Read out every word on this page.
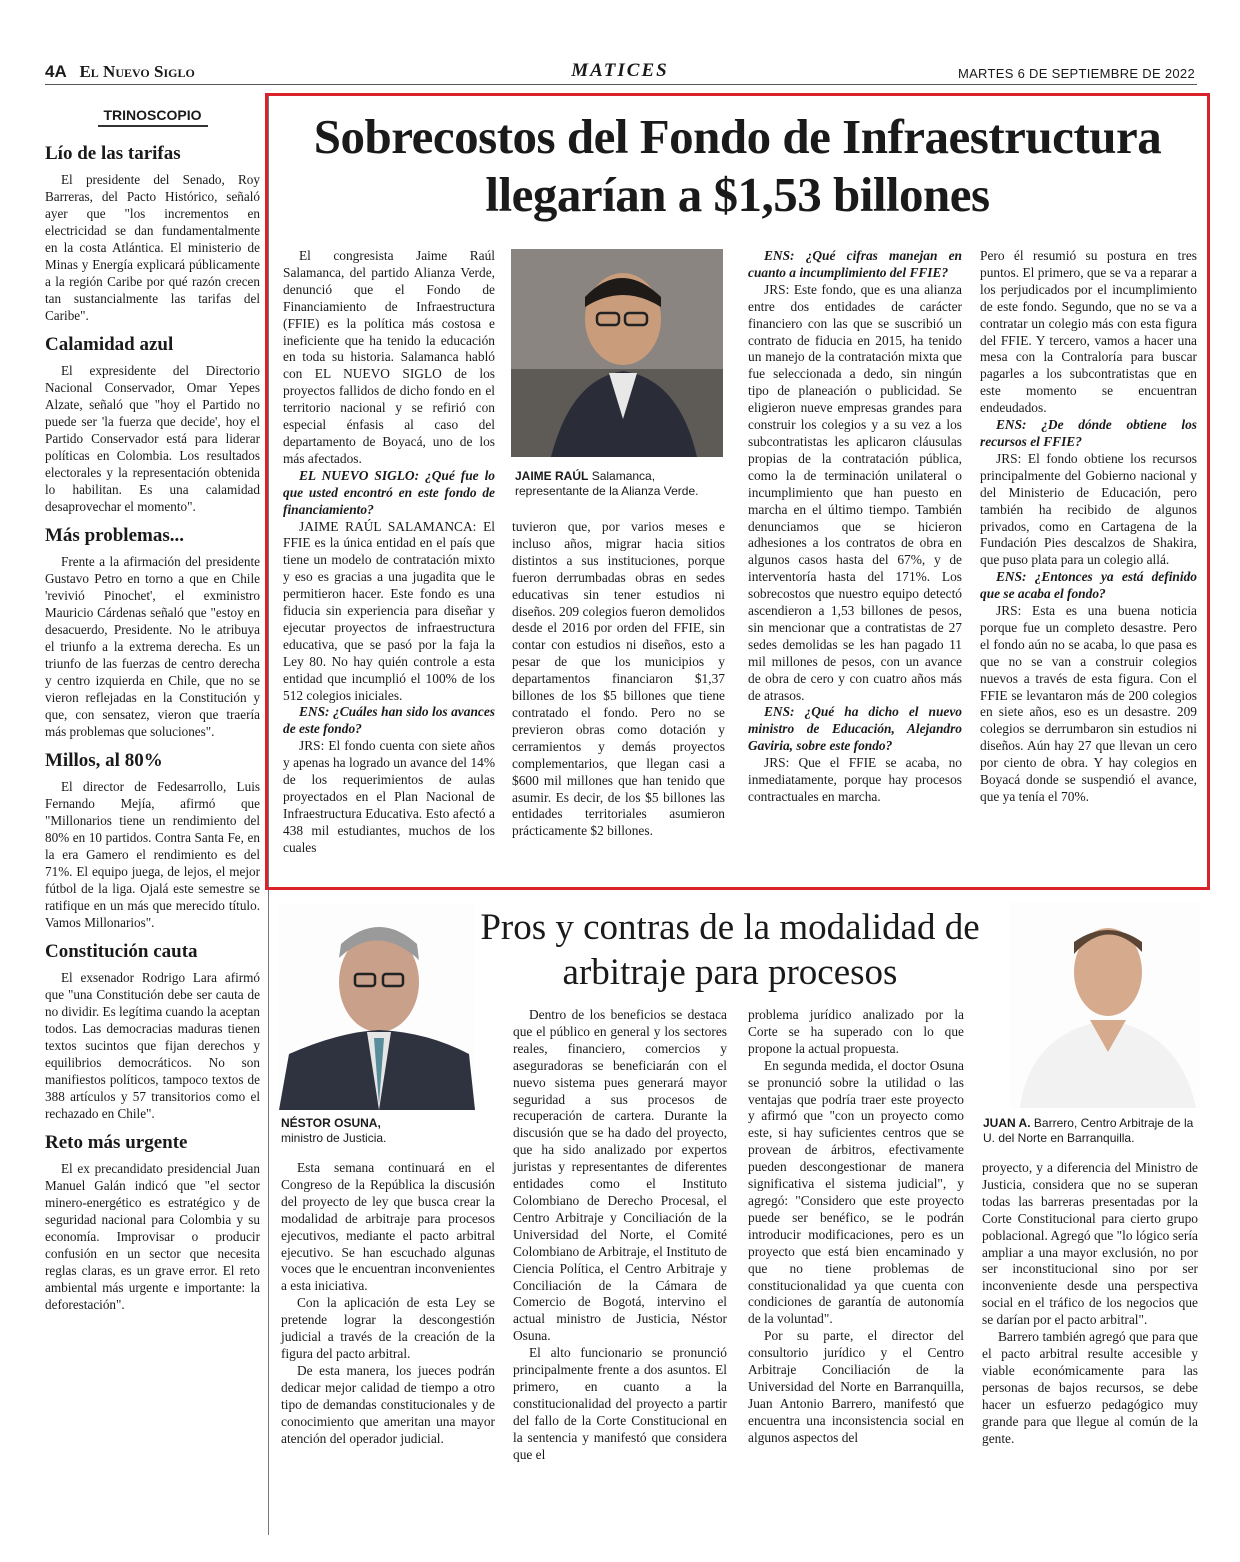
4A El Nuevo Siglo	MATICES	MARTES 6 DE SEPTIEMBRE DE 2022
TRINOSCOPIO
Lío de las tarifas

El presidente del Senado, Roy Barreras, del Pacto Histórico, señaló ayer que "los incrementos en electricidad se dan fundamentalmente en la costa Atlántica. El ministerio de Minas y Energía explicará públicamente a la región Caribe por qué razón crecen tan sustancialmente las tarifas del Caribe".

Calamidad azul

El expresidente del Directorio Nacional Conservador, Omar Yepes Alzate, señaló que "hoy el Partido no puede ser 'la fuerza que decide', hoy el Partido Conservador está para liderar políticas en Colombia. Los resultados electorales y la representación obtenida lo habilitan. Es una calamidad desaprovechar el momento".

Más problemas...

Frente a la afirmación del presidente Gustavo Petro en torno a que en Chile 'revivió Pinochet', el exministro Mauricio Cárdenas señaló que "estoy en desacuerdo, Presidente. No le atribuya el triunfo a la extrema derecha. Es un triunfo de las fuerzas de centro derecha y centro izquierda en Chile, que no se vieron reflejadas en la Constitución y que, con sensatez, vieron que traería más problemas que soluciones".

Millos, al 80%

El director de Fedesarrollo, Luis Fernando Mejía, afirmó que "Millonarios tiene un rendimiento del 80% en 10 partidos. Contra Santa Fe, en la era Gamero el rendimiento es del 71%. El equipo juega, de lejos, el mejor fútbol de la liga. Ojalá este semestre se ratifique en un más que merecido título. Vamos Millonarios".

Constitución cauta

El exsenador Rodrigo Lara afirmó que "una Constitución debe ser cauta de no dividir. Es legítima cuando la aceptan todos. Las democracias maduras tienen textos sucintos que fijan derechos y equilibrios democráticos. No son manifiestos políticos, tampoco textos de 388 artículos y 57 transitorios como el rechazado en Chile".

Reto más urgente

El ex precandidato presidencial Juan Manuel Galán indicó que "el sector minero-energético es estratégico y de seguridad nacional para Colombia y su economía. Improvisar o producir confusión en un sector que necesita reglas claras, es un grave error. El reto ambiental más urgente e importante: la deforestación".

Sobrecostos del Fondo de Infraestructura llegarían a $1,53 billones

El congresista Jaime Raúl Salamanca, del partido Alianza Verde, denunció que el Fondo de Financiamiento de Infraestructura (FFIE) es la política más costosa e ineficiente que ha tenido la educación en toda su historia. Salamanca habló con EL NUEVO SIGLO de los proyectos fallidos de dicho fondo en el territorio nacional y se refirió con especial énfasis al caso del departamento de Boyacá, uno de los más afectados.

EL NUEVO SIGLO: ¿Qué fue lo que usted encontró en este fondo de financiamiento?

JAIME RAÚL SALAMANCA: El FFIE es la única entidad en el país que tiene un modelo de contratación mixto y eso es gracias a una jugadita que le permitieron hacer. Este fondo es una fiducia sin experiencia para diseñar y ejecutar proyectos de infraestructura educativa, que se pasó por la faja la Ley 80. No hay quién controle a esta entidad que incumplió el 100% de los 512 colegios iniciales.

ENS: ¿Cuáles han sido los avances de este fondo?

JRS: El fondo cuenta con siete años y apenas ha logrado un avance del 14% de los requerimientos de aulas proyectados en el Plan Nacional de Infraestructura Educativa. Esto afectó a 438 mil estudiantes, muchos de los cuales

JAIME RAÚL Salamanca, representante de la Alianza Verde.

tuvieron que, por varios meses e incluso años, migrar hacia sitios distintos a sus instituciones, porque fueron derrumbadas obras en sedes educativas sin tener estudios ni diseños. 209 colegios fueron demolidos desde el 2016 por orden del FFIE, sin contar con estudios ni diseños, esto a pesar de que los municipios y departamentos financiaron $1,37 billones de los $5 billones que tiene contratado el fondo. Pero no se previeron obras como dotación y cerramientos y demás proyectos complementarios, que llegan casi a $600 mil millones que han tenido que asumir. Es decir, de los $5 billones las entidades territoriales asumieron prácticamente $2 billones.

ENS: ¿Qué cifras manejan en cuanto a incumplimiento del FFIE?

JRS: Este fondo, que es una alianza entre dos entidades de carácter financiero con las que se suscribió un contrato de fiducia en 2015, ha tenido un manejo de la contratación mixta que fue seleccionada a dedo, sin ningún tipo de planeación o publicidad. Se eligieron nueve empresas grandes para construir los colegios y a su vez a los subcontratistas les aplicaron cláusulas propias de la contratación pública, como la de terminación unilateral o incumplimiento que han puesto en marcha en el último tiempo. También denunciamos que se hicieron adhesiones a los contratos de obra en algunos casos hasta del 67%, y de interventoría hasta del 171%. Los sobrecostos que nuestro equipo detectó ascendieron a 1,53 billones de pesos, sin mencionar que a contratistas de 27 sedes demolidas se les han pagado 11 mil millones de pesos, con un avance de obra de cero y con cuatro años más de atrasos.

ENS: ¿Qué ha dicho el nuevo ministro de Educación, Alejandro Gaviria, sobre este fondo?

JRS: Que el FFIE se acaba, no inmediatamente, porque hay procesos contractuales en marcha.

Pero él resumió su postura en tres puntos. El primero, que se va a reparar a los perjudicados por el incumplimiento de este fondo. Segundo, que no se va a contratar un colegio más con esta figura del FFIE. Y tercero, vamos a hacer una mesa con la Contraloría para buscar pagarles a los subcontratistas que en este momento se encuentran endeudados.

ENS: ¿De dónde obtiene los recursos el FFIE?

JRS: El fondo obtiene los recursos principalmente del Gobierno nacional y del Ministerio de Educación, pero también ha recibido de algunos privados, como en Cartagena de la Fundación Pies descalzos de Shakira, que puso plata para un colegio allá.

ENS: ¿Entonces ya está definido que se acaba el fondo?

JRS: Esta es una buena noticia porque fue un completo desastre. Pero el fondo aún no se acaba, lo que pasa es que no se van a construir colegios nuevos a través de esta figura. Con el FFIE se levantaron más de 200 colegios en siete años, eso es un desastre. 209 colegios se derrumbaron sin estudios ni diseños. Aún hay 27 que llevan un cero por ciento de obra. Y hay colegios en Boyacá donde se suspendió el avance, que ya tenía el 70%.

Pros y contras de la modalidad de arbitraje para procesos
NÉSTOR OSUNA,
ministro de Justicia.
JUAN A. Barrero, Centro Arbitraje de la U. del Norte en Barranquilla.

Esta semana continuará en el Congreso de la República la discusión del proyecto de ley que busca crear la modalidad de arbitraje para procesos ejecutivos, mediante el pacto arbitral ejecutivo. Se han escuchado algunas voces que le encuentran inconvenientes a esta iniciativa.

Con la aplicación de esta Ley se pretende lograr la descongestión judicial a través de la creación de la figura del pacto arbitral.

De esta manera, los jueces podrán dedicar mejor calidad de tiempo a otro tipo de demandas constitucionales y de conocimiento que ameritan una mayor atención del operador judicial.

Dentro de los beneficios se destaca que el público en general y los sectores reales, financiero, comercios y aseguradoras se beneficiarán con el nuevo sistema pues generará mayor seguridad a sus procesos de recuperación de cartera. Durante la discusión que se ha dado del proyecto, que ha sido analizado por expertos juristas y representantes de diferentes entidades como el Instituto Colombiano de Derecho Procesal, el Centro Arbitraje y Conciliación de la Universidad del Norte, el Comité Colombiano de Arbitraje, el Instituto de Ciencia Política, el Centro Arbitraje y Conciliación de la Cámara de Comercio de Bogotá, intervino el actual ministro de Justicia, Néstor Osuna.

El alto funcionario se pronunció principalmente frente a dos asuntos. El primero, en cuanto a la constitucionalidad del proyecto a partir del fallo de la Corte Constitucional en la sentencia y manifestó que considera que el

problema jurídico analizado por la Corte se ha superado con lo que propone la actual propuesta.

En segunda medida, el doctor Osuna se pronunció sobre la utilidad o las ventajas que podría traer este proyecto y afirmó que "con un proyecto como este, si hay suficientes centros que se provean de árbitros, efectivamente pueden descongestionar de manera significativa el sistema judicial", y agregó: "Considero que este proyecto puede ser benéfico, se le podrán introducir modificaciones, pero es un proyecto que está bien encaminado y que no tiene problemas de constitucionalidad ya que cuenta con condiciones de garantía de autonomía de la voluntad".

Por su parte, el director del consultorio jurídico y el Centro Arbitraje Conciliación de la Universidad del Norte en Barranquilla, Juan Antonio Barrero, manifestó que encuentra una inconsistencia social en algunos aspectos del

proyecto, y a diferencia del Ministro de Justicia, considera que no se superan todas las barreras presentadas por la Corte Constitucional para cierto grupo poblacional. Agregó que "lo lógico sería ampliar a una mayor exclusión, no por ser inconstitucional sino por ser inconveniente desde una perspectiva social en el tráfico de los negocios que se darían por el pacto arbitral".

Barrero también agregó que para que el pacto arbitral resulte accesible y viable económicamente para las personas de bajos recursos, se debe hacer un esfuerzo pedagógico muy grande para que llegue al común de la gente.
